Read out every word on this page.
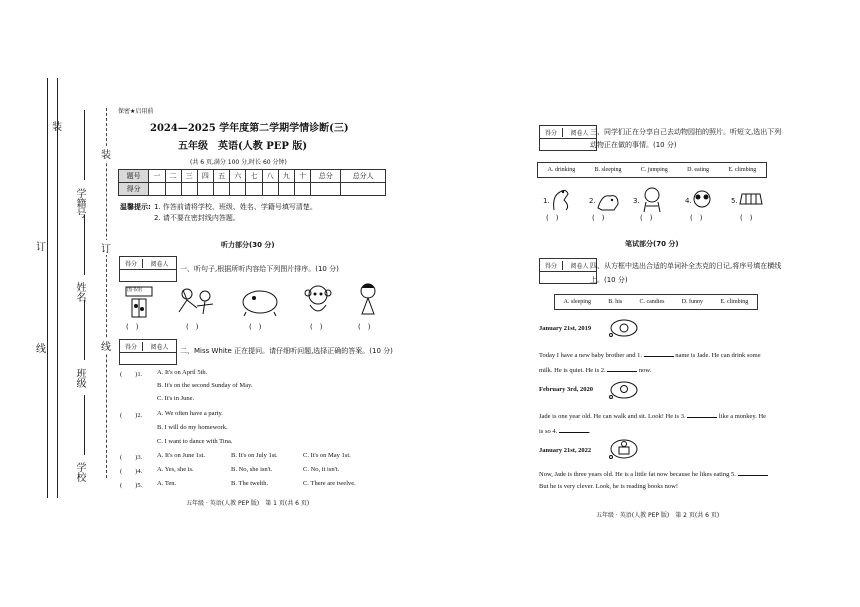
装
订
线
装
订
线
学籍号
姓名
班级
学校
保密★启用前
2024—2025 学年度第二学期学情诊断(三)
五年级　英语(人教 PEP 版)
(共 6 页,满分 100 分,时长 60 分钟)
题号	一	二	三	四	五	六	七	八	九	十	总分	总分人
得分												
温馨提示: 1. 作答前请将学校、班级、姓名、学籍号填写清楚。
2. 请不要在密封线内答题。
听力部分(30 分)
得分	阅卷人
一、听句子,根据所听内容给下列图片排序。(10 分)
图书馆
(　)	(　)	(　)	(　)	(　)
得分	阅卷人	二、Miss White 正在提问。请仔细听问题,选择正确的答案。(10 分)
(　　)1. A. It's on April 5th.
B. It's on the second Sunday of May.
C. It's in June.
(　　)2. A. We often have a party.
B. I will do my homework.
C. I want to dance with Tina.
(　　)3. A. It's on June 1st.	B. It's on July 1st.	C. It's on May 1st.
(　　)4. A. Yes, she is.	B. No, she isn't.	C. No, it isn't.
(　　)5. A. Ten.	B. The twelth.	C. There are twelve.
五年级 · 英语(人教 PEP 版)　第 1 页(共 6 页)
得分	阅卷人 三、同学们正在分享自己去动物园拍的照片。听短文,选出下列
动物正在做的事情。(10 分)
A. drinking	B. sleeping	C. jumping	D. eating	E. climbing
1.	2.	3.	4.	5.
(　)	(　)	(　)	(　)	(　)
笔试部分(70 分)
得分	阅卷人 四、从方框中选出合适的单词补全杰克的日记,将序号填在横线
上。(10 分)
A. sleeping	B. his	C. candies	D. funny	E. climbing
January 21st, 2019
Today I have a new baby brother and 1.	name is Jade. He can drink some
milk. He is quiet. He is 2.	now.
February 3rd, 2020
Jade is one year old. He can walk and sit. Look! He is 3.	like a monkey. He
is so 4.	.
January 21st, 2022
Now, Jade is three years old. He is a little fat now because he likes eating 5.
But he is very clever. Look, he is reading books now!
五年级 · 英语(人教 PEP 版)　第 2 页(共 6 页)
